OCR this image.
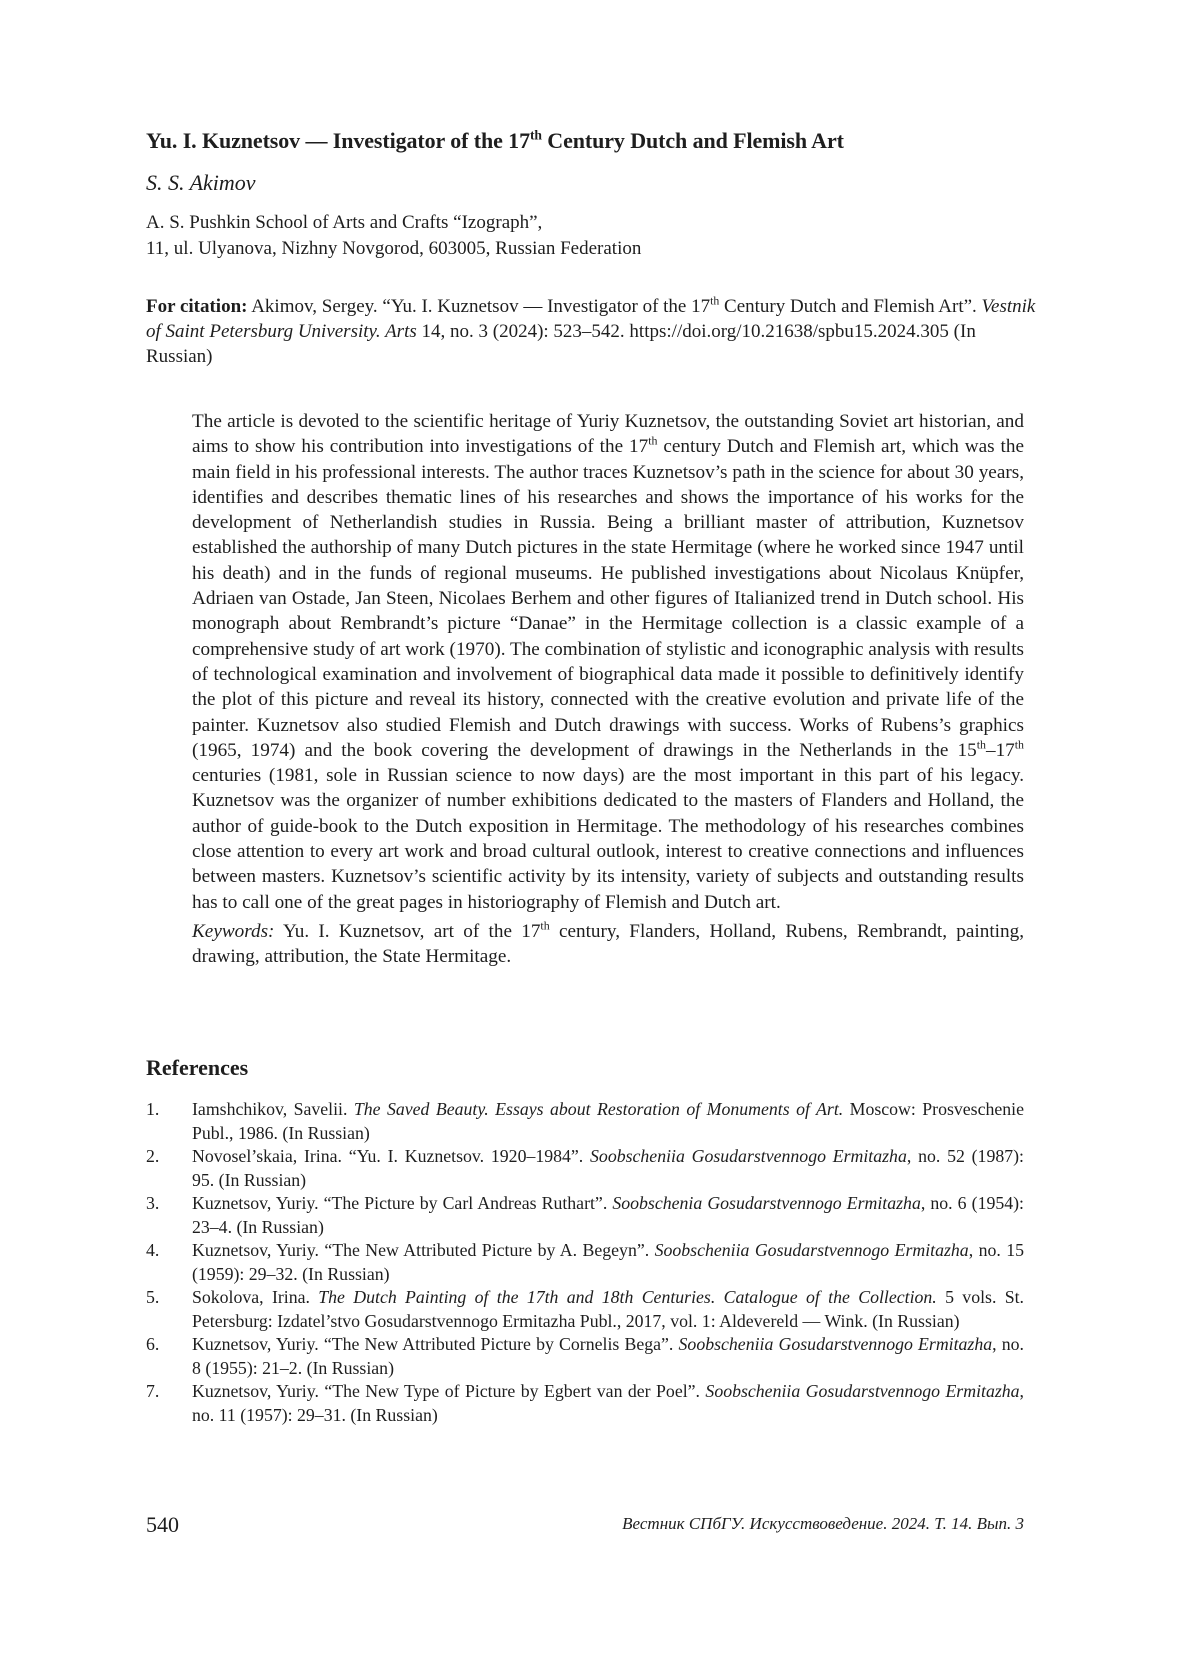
Yu. I. Kuznetsov — Investigator of the 17th Century Dutch and Flemish Art
S. S. Akimov
A. S. Pushkin School of Arts and Crafts “Izograph”,
11, ul. Ulyanova, Nizhny Novgorod, 603005, Russian Federation
For citation: Akimov, Sergey. “Yu. I. Kuznetsov — Investigator of the 17th Century Dutch and Flemish Art”. Vestnik of Saint Petersburg University. Arts 14, no. 3 (2024): 523–542. https://doi.org/10.21638/spbu15.2024.305 (In Russian)

The article is devoted to the scientific heritage of Yuriy Kuznetsov, the outstanding Soviet art historian, and aims to show his contribution into investigations of the 17th century Dutch and Flemish art, which was the main field in his professional interests. The author traces Kuznetsov’s path in the science for about 30 years, identifies and describes thematic lines of his researches and shows the importance of his works for the development of Netherlandish studies in Russia. Being a brilliant master of attribution, Kuznetsov established the authorship of many Dutch pictures in the state Hermitage (where he worked since 1947 until his death) and in the funds of regional museums. He published investigations about Nicolaus Knüpfer, Adriaen van Ostade, Jan Steen, Nicolaes Berhem and other figures of Italianized trend in Dutch school. His monograph about Rembrandt’s picture “Danae” in the Hermitage collection is a classic example of a comprehensive study of art work (1970). The combination of stylistic and iconographic analysis with results of technological examination and involvement of biographical data made it possible to definitively identify the plot of this picture and reveal its history, connected with the creative evolution and private life of the painter. Kuznetsov also studied Flemish and Dutch drawings with success. Works of Rubens’s graphics (1965, 1974) and the book covering the development of drawings in the Netherlands in the 15th–17th centuries (1981, sole in Russian science to now days) are the most important in this part of his legacy. Kuznetsov was the organizer of number exhibitions dedicated to the masters of Flanders and Holland, the author of guide-book to the Dutch exposition in Hermitage. The methodology of his researches combines close attention to every art work and broad cultural outlook, interest to creative connections and influences between masters. Kuznetsov’s scientific activity by its intensity, variety of subjects and outstanding results has to call one of the great pages in historiography of Flemish and Dutch art.

Keywords: Yu. I. Kuznetsov, art of the 17th century, Flanders, Holland, Rubens, Rembrandt, painting, drawing, attribution, the State Hermitage.

References
1.	Iamshchikov, Savelii. The Saved Beauty. Essays about Restoration of Monuments of Art. Moscow: Prosveschenie Publ., 1986. (In Russian)
2.	Novosel’skaia, Irina. “Yu. I. Kuznetsov. 1920–1984”. Soobscheniia Gosudarstvennogo Ermitazha, no. 52 (1987): 95. (In Russian)
3.	Kuznetsov, Yuriy. “The Picture by Carl Andreas Ruthart”. Soobschenia Gosudarstvennogo Ermitazha, no. 6 (1954): 23–4. (In Russian)
4.	Kuznetsov, Yuriy. “The New Attributed Picture by A. Begeyn”. Soobscheniia Gosudarstvennogo Ermitazha, no. 15 (1959): 29–32. (In Russian)
5.	Sokolova, Irina. The Dutch Painting of the 17th and 18th Centuries. Catalogue of the Collection. 5 vols. St. Petersburg: Izdatel’stvo Gosudarstvennogo Ermitazha Publ., 2017, vol. 1: Aldevereld — Wink. (In Russian)
6.	Kuznetsov, Yuriy. “The New Attributed Picture by Cornelis Bega”. Soobscheniia Gosudarstvennogo Ermitazha, no. 8 (1955): 21–2. (In Russian)
7.	Kuznetsov, Yuriy. “The New Type of Picture by Egbert van der Poel”. Soobscheniia Gosudarstvennogo Ermitazha, no. 11 (1957): 29–31. (In Russian)
540	Вестник СПбГУ. Искусствоведение. 2024. Т. 14. Вып. 3
